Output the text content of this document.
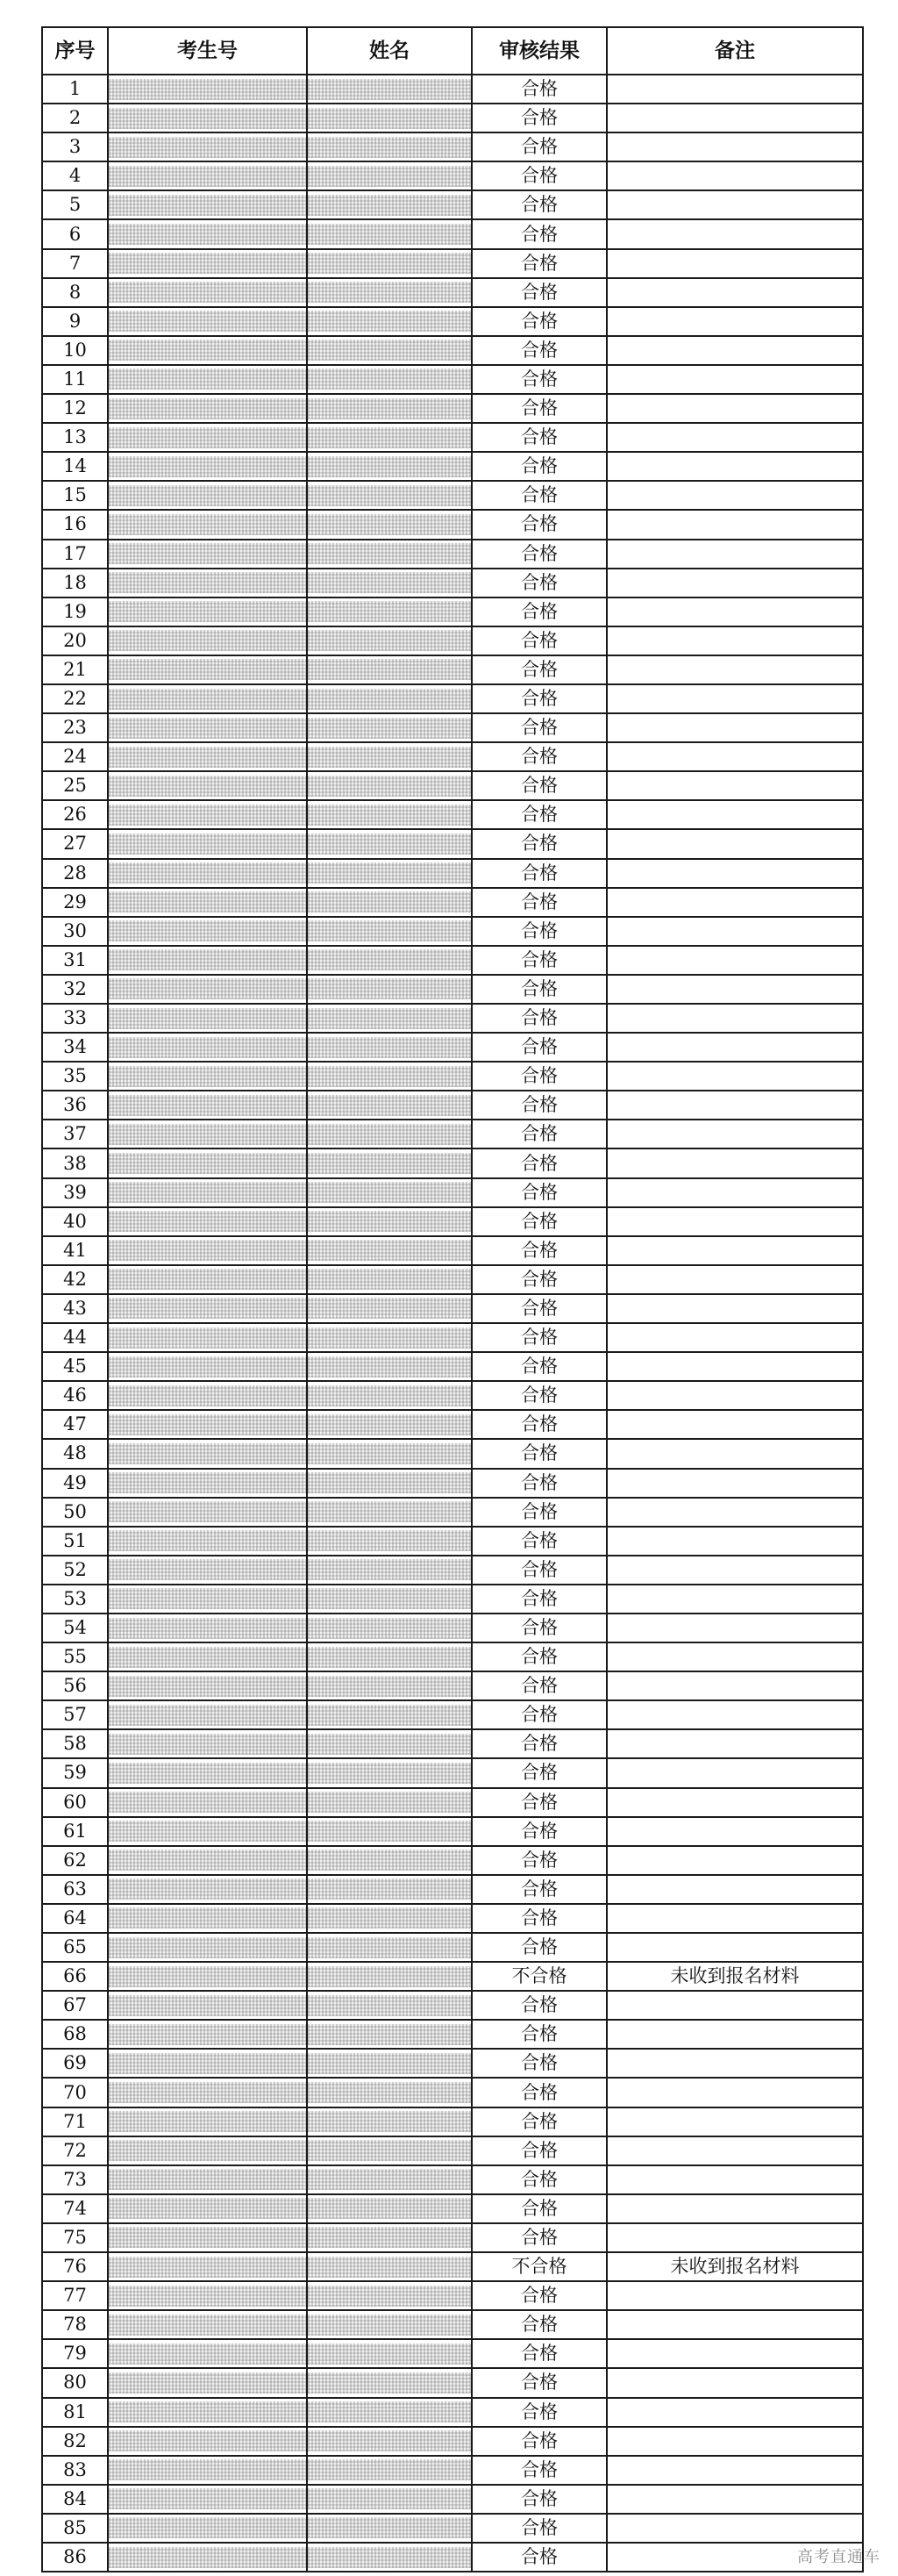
序号	考生号	姓名	审核结果	备注
1			合格	
2			合格	
3			合格	
4			合格	
5			合格	
6			合格	
7			合格	
8			合格	
9			合格	
10			合格	
11			合格	
12			合格	
13			合格	
14			合格	
15			合格	
16			合格	
17			合格	
18			合格	
19			合格	
20			合格	
21			合格	
22			合格	
23			合格	
24			合格	
25			合格	
26			合格	
27			合格	
28			合格	
29			合格	
30			合格	
31			合格	
32			合格	
33			合格	
34			合格	
35			合格	
36			合格	
37			合格	
38			合格	
39			合格	
40			合格	
41			合格	
42			合格	
43			合格	
44			合格	
45			合格	
46			合格	
47			合格	
48			合格	
49			合格	
50			合格	
51			合格	
52			合格	
53			合格	
54			合格	
55			合格	
56			合格	
57			合格	
58			合格	
59			合格	
60			合格	
61			合格	
62			合格	
63			合格	
64			合格	
65			合格	
66			不合格	未收到报名材料
67			合格	
68			合格	
69			合格	
70			合格	
71			合格	
72			合格	
73			合格	
74			合格	
75			合格	
76			不合格	未收到报名材料
77			合格	
78			合格	
79			合格	
80			合格	
81			合格	
82			合格	
83			合格	
84			合格	
85			合格	
86			合格		高考直通车
